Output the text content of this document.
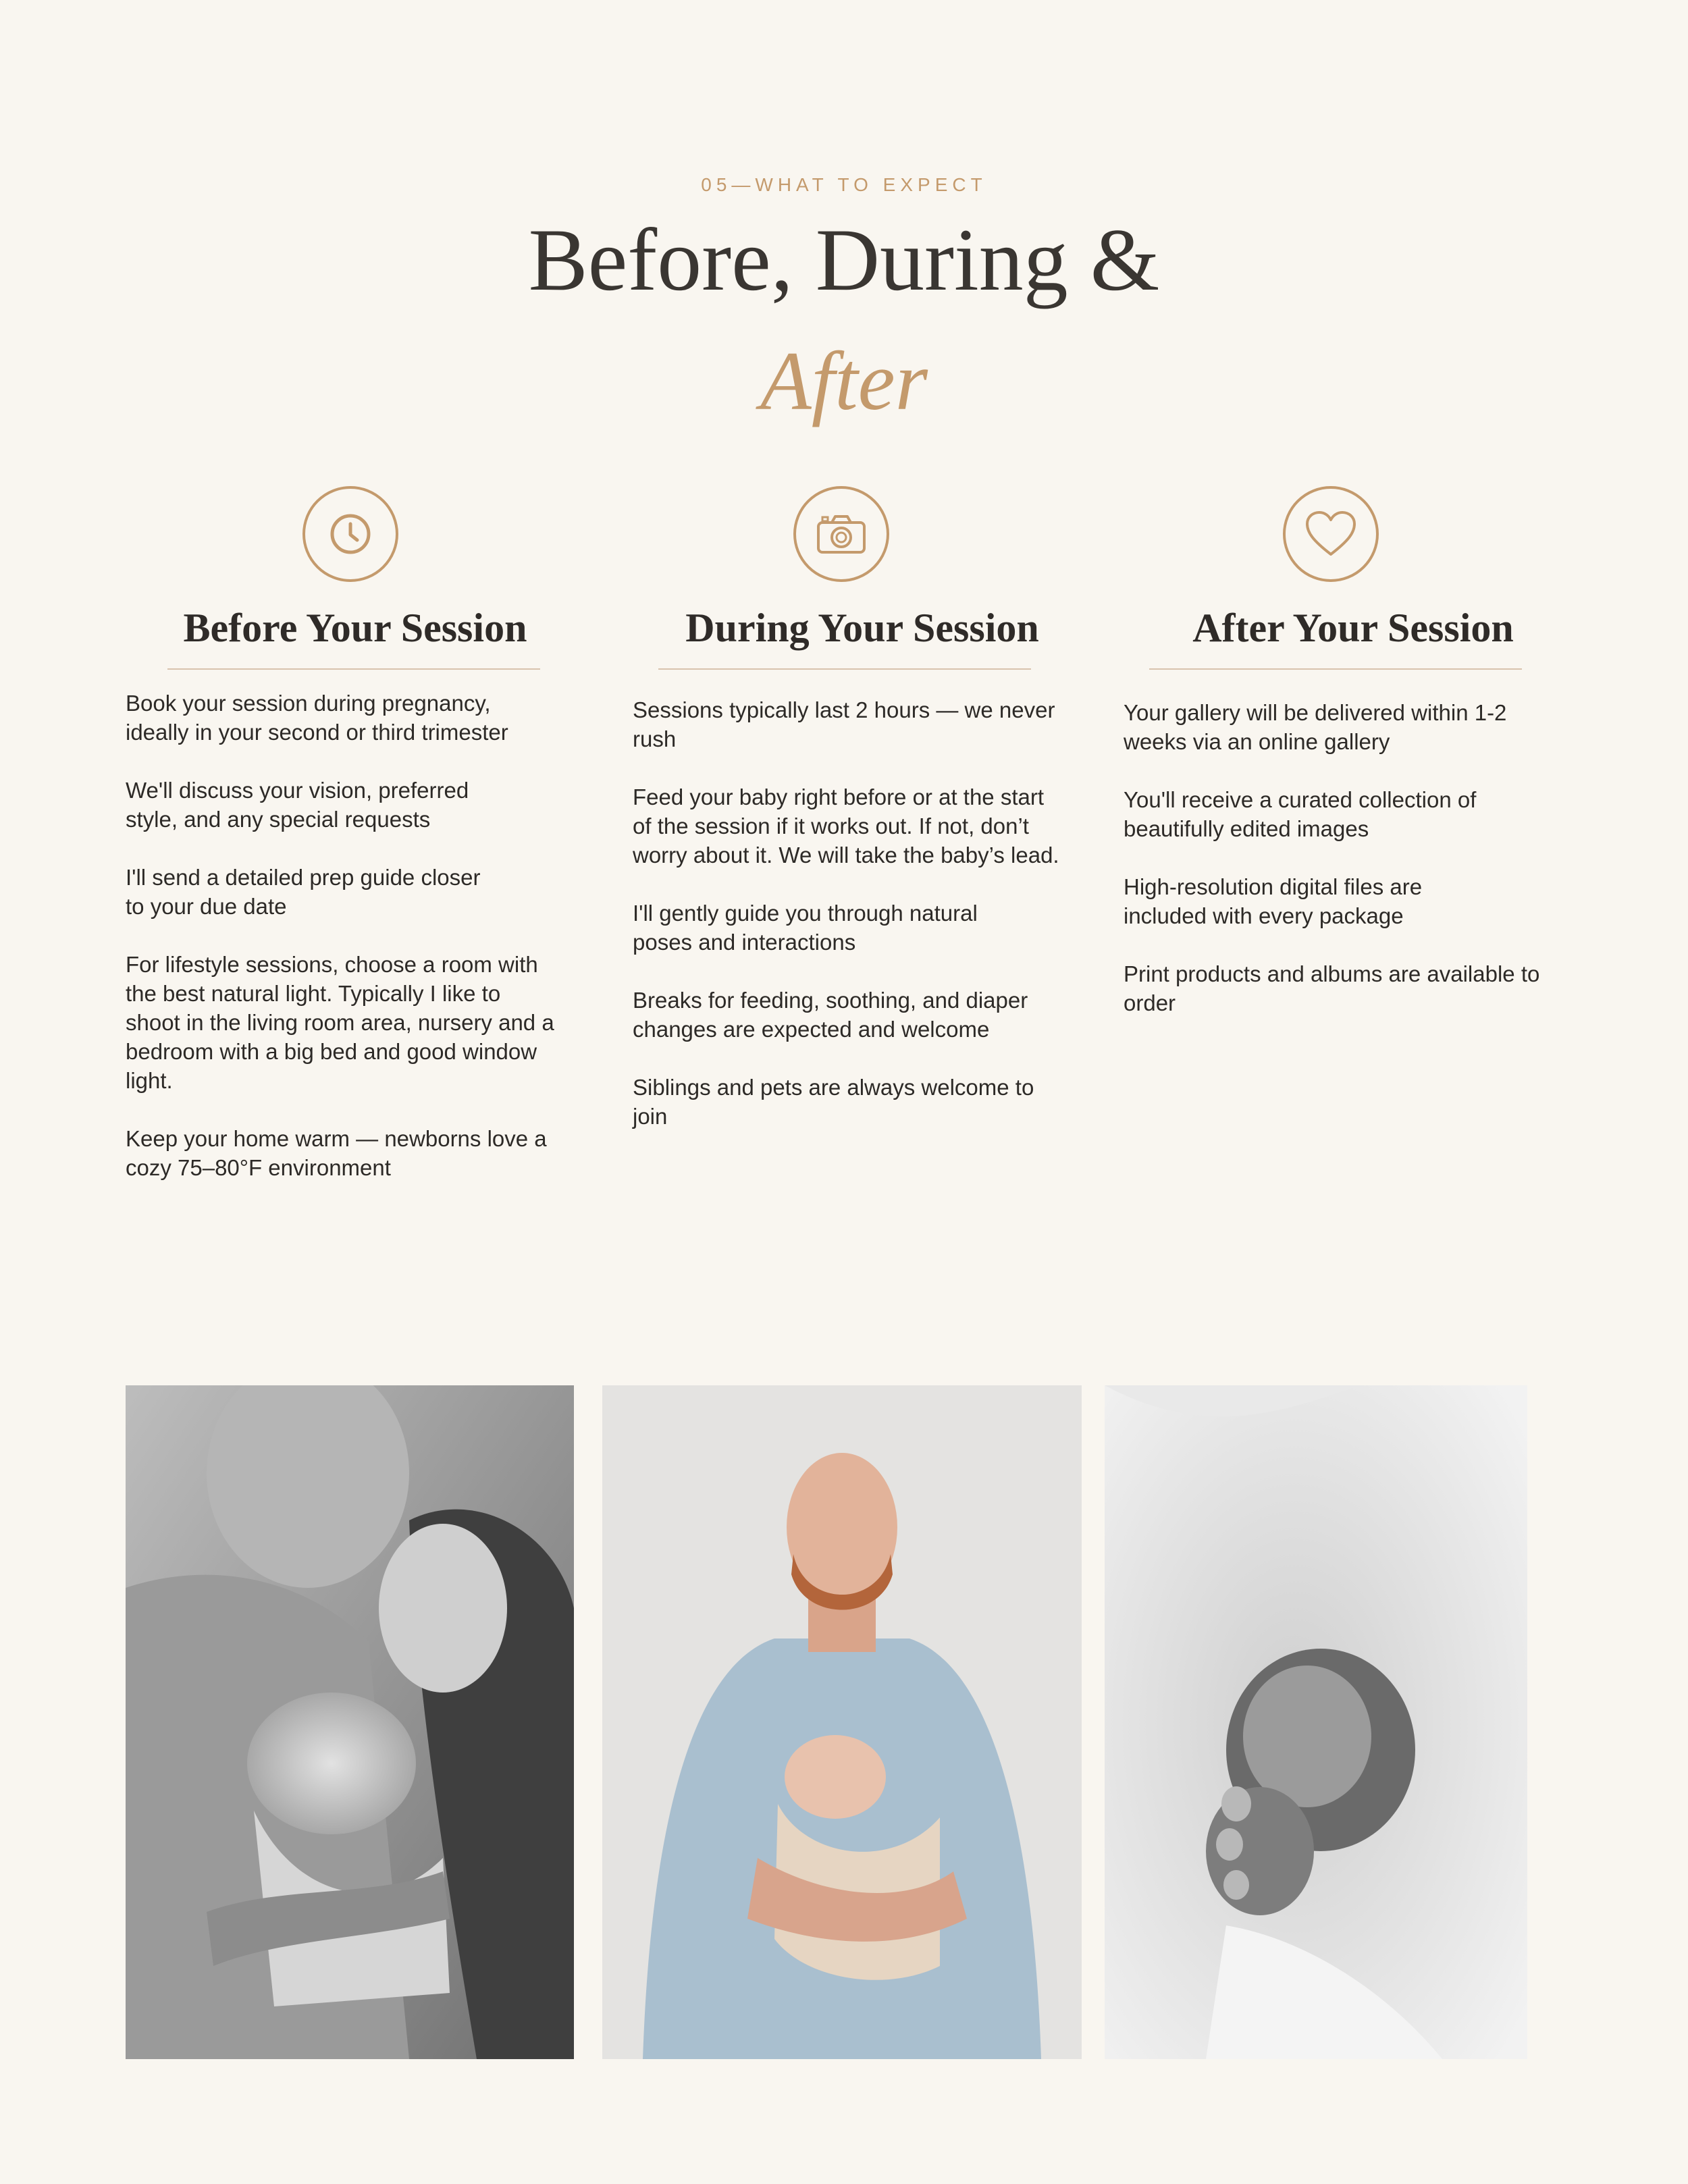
05—WHAT TO EXPECT
Before, During &
After
Before Your Session
Book your session during pregnancy, ideally in your second or third trimester
We'll discuss your vision, preferred style, and any special requests
I'll send a detailed prep guide closer to your due date
For lifestyle sessions, choose a room with the best natural light. Typically I like to shoot in the living room area, nursery and a bedroom with a big bed and good window light.
Keep your home warm — newborns love a cozy 75–80°F environment
During Your Session
Sessions typically last 2 hours — we never rush
Feed your baby right before or at the start of the session if it works out. If not, don’t worry about it. We will take the baby’s lead.
I'll gently guide you through natural poses and interactions
Breaks for feeding, soothing, and diaper changes are expected and welcome
Siblings and pets are always welcome to join
After Your Session
Your gallery will be delivered within 1-2 weeks via an online gallery
You'll receive a curated collection of beautifully edited images
High-resolution digital files are included with every package
Print products and albums are available to order
